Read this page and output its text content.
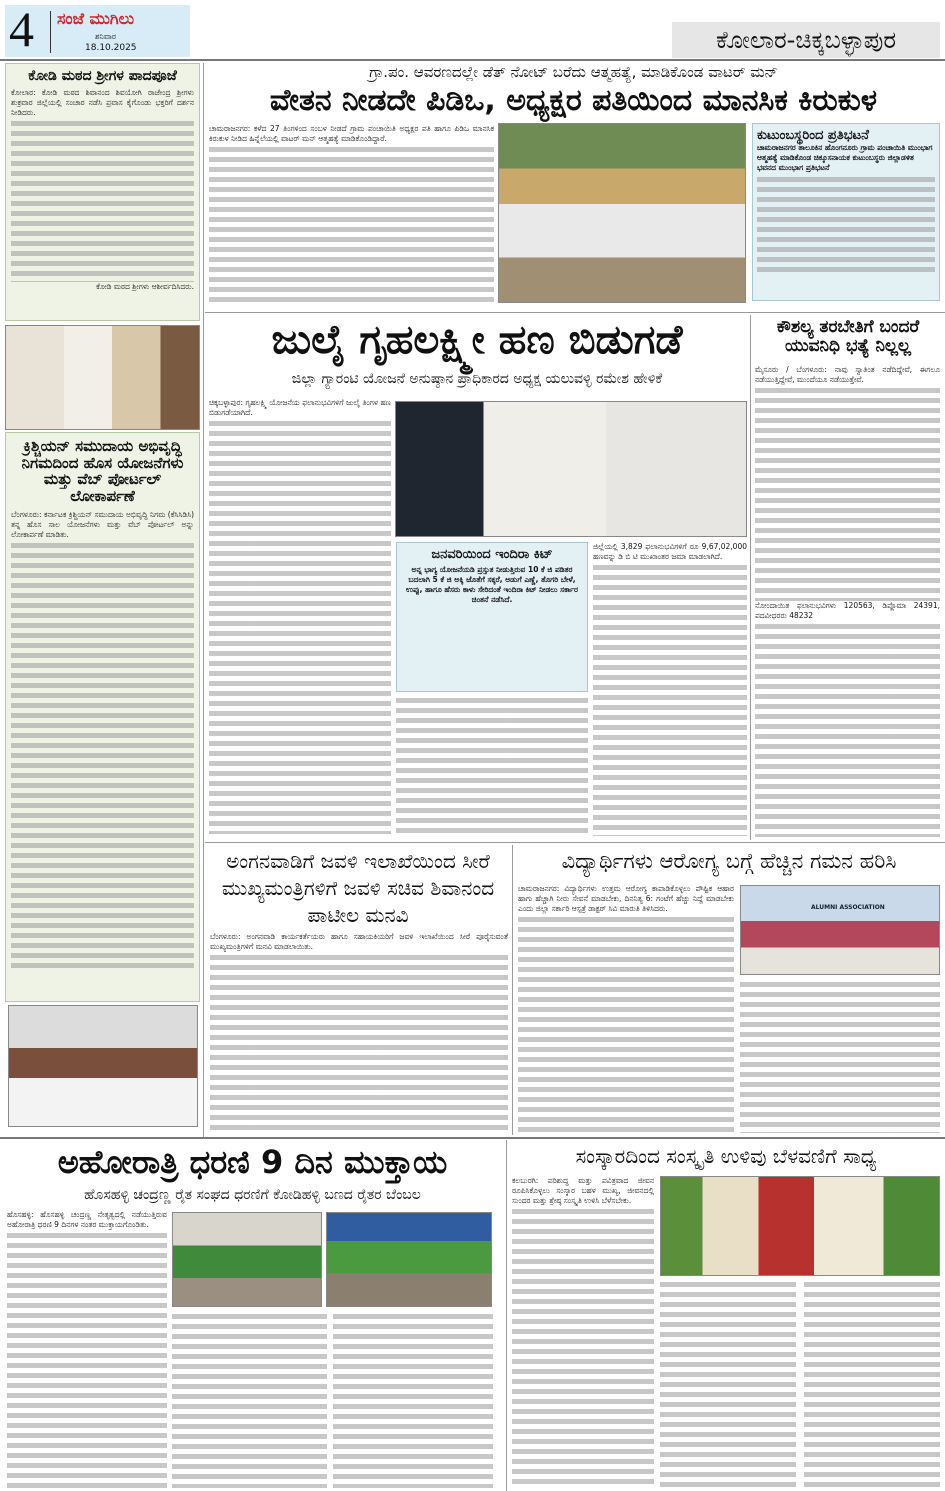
4 ಸಂಜೆ ಮುಗಿಲು
ಶನಿವಾರ
18.10.2025	ಕೋಲಾರ-ಚಿಕ್ಕಬಳ್ಳಾಪುರ
ಕೋಡಿ ಮಠದ ಶ್ರೀಗಳ ಪಾದಪೂಜೆ

ಕೋಲಾರ: ಕೋಡಿ ಮಠದ ಶಿವಾನಂದ ಶಿವಯೋಗಿ ರಾಜೇಂದ್ರ ಶ್ರೀಗಳು ಶುಕ್ರವಾರ ಜಿಲ್ಲೆಯಲ್ಲಿ ಸಂಚಾರ ನಡೆಸಿ ಪ್ರವಾಸ ಕೈಗೊಂಡು ಭಕ್ತರಿಗೆ ದರ್ಶನ ನೀಡಿದರು.

ಕೋಡಿ ಮಠದ ಶ್ರೀಗಳು ಆಶೀರ್ವದಿಸಿದರು.

ಕ್ರಿಶ್ಚಿಯನ್ ಸಮುದಾಯ ಅಭಿವೃದ್ಧಿ ನಿಗಮದಿಂದ ಹೊಸ ಯೋಜನೆಗಳು ಮತ್ತು ವೆಬ್ ಪೋರ್ಟಲ್ ಲೋಕಾರ್ಪಣೆ

ಬೆಂಗಳೂರು: ಕರ್ನಾಟಕ ಕ್ರಿಶ್ಚಿಯನ್ ಸಮುದಾಯ ಅಭಿವೃದ್ಧಿ ನಿಗಮ (ಕೆಸಿಸಿಡಿಸಿ) ತನ್ನ ಹೊಸ ಸಾಲ ಯೋಜನೆಗಳು ಮತ್ತು ವೆಬ್ ಪೋರ್ಟಲ್ ಅನ್ನು ಲೋಕಾರ್ಪಣೆ ಮಾಡಿತು.

ಗ್ರಾ.ಪಂ. ಆವರಣದಲ್ಲೇ ಡೆತ್ ನೋಟ್ ಬರೆದು ಆತ್ಮಹತ್ಯೆ, ಮಾಡಿಕೊಂಡ ವಾಟರ್ ಮನ್
ವೇತನ ನೀಡದೇ ಪಿಡಿಒ, ಅಧ್ಯಕ್ಷರ ಪತಿಯಿಂದ ಮಾನಸಿಕ ಕಿರುಕುಳ

ಚಾಮರಾಜನಗರ: ಕಳೆದ 27 ತಿಂಗಳಿಂದ ಸಂಬಳ ನೀಡದೆ ಗ್ರಾಮ ಪಂಚಾಯಿತಿ ಅಧ್ಯಕ್ಷರ ಪತಿ ಹಾಗೂ ಪಿಡಿಒ ಮಾನಸಿಕ ಕಿರುಕುಳ ನೀಡಿದ ಹಿನ್ನೆಲೆಯಲ್ಲಿ ವಾಟರ್ ಮನ್ ಆತ್ಮಹತ್ಯೆ ಮಾಡಿಕೊಂಡಿದ್ದಾರೆ.	ಕುಟುಂಬಸ್ಥರಿಂದ ಪ್ರತಿಭಟನೆ
ಚಾಮರಾಜನಗರ ತಾಲೂಕಿನ ಹೊಂಗನೂರು ಗ್ರಾಮ ಪಂಚಾಯಿತಿ ಮುಂಭಾಗ ಆತ್ಮಹತ್ಯೆ ಮಾಡಿಕೊಂಡ ಚಿಕ್ಕೂಸನಾಯಕ ಕುಟುಂಬಸ್ಥರು ಜಿಲ್ಲಾಡಳಿತ ಭವನದ ಮುಂಭಾಗ ಪ್ರತಿಭಟನೆ
ಜುಲೈ ಗೃಹಲಕ್ಷ್ಮೀ ಹಣ ಬಿಡುಗಡೆ
ಜಿಲ್ಲಾ ಗ್ಯಾರಂಟಿ ಯೋಜನೆ ಅನುಷ್ಠಾನ ಪ್ರಾಧಿಕಾರದ ಅಧ್ಯಕ್ಷ ಯಲುವಳ್ಳಿ ರಮೇಶ ಹೇಳಿಕೆ

ಚಿಕ್ಕಬಳ್ಳಾಪುರ: ಗೃಹಲಕ್ಷ್ಮಿ ಯೋಜನೆಯ ಫಲಾನುಭವಿಗಳಿಗೆ ಜುಲೈ ತಿಂಗಳ ಹಣ ಬಿಡುಗಡೆಯಾಗಿದೆ.

ಜನವರಿಯಿಂದ ಇಂದಿರಾ ಕಿಟ್
ಅನ್ನ ಭಾಗ್ಯ ಯೋಜನೆಯಡಿ ಪ್ರಸ್ತುತ ನೀಡುತ್ತಿರುವ 10 ಕೆ ಜಿ ಪಡಿತರ ಬದಲಾಗಿ 5 ಕೆ ಜಿ ಅಕ್ಕಿ ಜೊತೆಗೆ ಸಕ್ಕರೆ, ಅಡುಗೆ ಎಣ್ಣೆ, ತೊಗರಿ ಬೇಳೆ, ಉಪ್ಪು, ಹಾಗೂ ಹೆಸರು ಕಾಳು ಸೇರಿದಂತೆ ಇಂದಿರಾ ಕಿಟ್ ನೀಡಲು ಸರ್ಕಾರ ಚಿಂತನೆ ನಡೆಸಿದೆ.

ಜಿಲ್ಲೆಯಲ್ಲಿ 3,829 ಫಲಾನುಭವಿಗಳಿಗೆ ರೂ 9,67,02,000 ಹಣವನ್ನು ಡಿ ಬಿ ಟಿ ಮುಖಾಂತರ ಜಮಾ ಮಾಡಲಾಗಿದೆ.

ಕೌಶಲ್ಯ ತರಬೇತಿಗೆ ಬಂದರೆ ಯುವನಿಧಿ ಭತ್ಯೆ ನಿಲ್ಲಲ್ಲ

ಮೈಸೂರು / ಬೆಂಗಳೂರು: ನಾವು ಸ್ವಾತಿಂತ ನಡೆದಿದ್ದೇವೆ, ಈಗಲೂ ನಡೆಯುತ್ತಿದ್ದೇವೆ, ಮುಂದೆಯೂ ನಡೆಯುತ್ತೇವೆ.

ನೋಂದಾಯಿತ ಫಲಾನುಭವಿಗಳು 120563, ಡಿಪ್ಲೊಮಾ 24391, ಪದವೀಧರರು 48232

ಅಂಗನವಾಡಿಗೆ ಜವಳಿ ಇಲಾಖೆಯಿಂದ ಸೀರೆ ಮುಖ್ಯಮಂತ್ರಿಗಳಿಗೆ ಜವಳಿ ಸಚಿವ ಶಿವಾನಂದ ಪಾಟೀಲ ಮನವಿ

ಬೆಂಗಳೂರು: ಅಂಗನವಾಡಿ ಕಾರ್ಯಕರ್ತೆಯರು ಹಾಗೂ ಸಹಾಯಕಿಯರಿಗೆ ಜವಳಿ ಇಲಾಖೆಯಿಂದ ಸೀರೆ ಪೂರೈಸುವಂತೆ ಮುಖ್ಯಮಂತ್ರಿಗಳಿಗೆ ಮನವಿ ಮಾಡಲಾಯಿತು.

ವಿದ್ಯಾರ್ಥಿಗಳು ಆರೋಗ್ಯ ಬಗ್ಗೆ ಹೆಚ್ಚಿನ ಗಮನ ಹರಿಸಿ

ಚಾಮರಾಜನಗರ: ವಿದ್ಯಾರ್ಥಿಗಳು ಉತ್ತಮ ಆರೋಗ್ಯ ಕಾಪಾಡಿಕೊಳ್ಳಲು ಪೌಷ್ಟಿಕ ಆಹಾರ ಹಾಗು ಹೆಚ್ಚಾಗಿ ನೀರು ಸೇವನೆ ಮಾಡಬೇಕು, ದಿನನಿತ್ಯ 6: ಗಂಟೆಗೆ ಹೆಚ್ಚು ನಿದ್ದೆ ಮಾಡಬೇಕು ಎಂದು ಜಿಲ್ಲಾ ಸರ್ಕಾರಿ ಆಸ್ಪತ್ರೆ ಡಾಕ್ಟರ್ ಸಿವಿ ಮಾರುತಿ ತಿಳಿಸಿದರು.	ALUMNI ASSOCIATION
ಅಹೋರಾತ್ರಿ ಧರಣಿ 9 ದಿನ ಮುಕ್ತಾಯ
ಹೊಸಹಳ್ಳಿ ಚಂದ್ರಣ್ಣ ರೈತ ಸಂಘದ ಧರಣಿಗೆ ಕೋಡಿಹಳ್ಳಿ ಬಣದ ರೈತರ ಬೆಂಬಲ

ಹೊಸಹಳ್ಳಿ: ಹೊಸಹಳ್ಳಿ ಚಂದ್ರಣ್ಣ ನೇತೃತ್ವದಲ್ಲಿ ನಡೆಯುತ್ತಿರುವ ಅಹೋರಾತ್ರಿ ಧರಣಿ 9 ದಿನಗಳ ನಂತರ ಮುಕ್ತಾಯಗೊಂಡಿತು.

ಸಂಸ್ಕಾರದಿಂದ ಸಂಸ್ಕೃತಿ ಉಳಿವು ಬೆಳವಣಿಗೆ ಸಾಧ್ಯ

ಕಲಬುರಗಿ: ಪರಿಶುದ್ಧ ಮತ್ತು ಪವಿತ್ರವಾದ ಜೀವನ ರೂಪಿಸಿಕೊಳ್ಳಲು ಸಂಸ್ಕಾರ ಬಹಳ ಮುಖ್ಯ, ಜೀವನದಲ್ಲಿ ಸುಂದರ ಮತ್ತು ಶ್ರೇಷ್ಠ ಸಂಸ್ಕೃತಿ ಉಳಿಸಿ ಬೆಳೆಸಬೇಕು.
